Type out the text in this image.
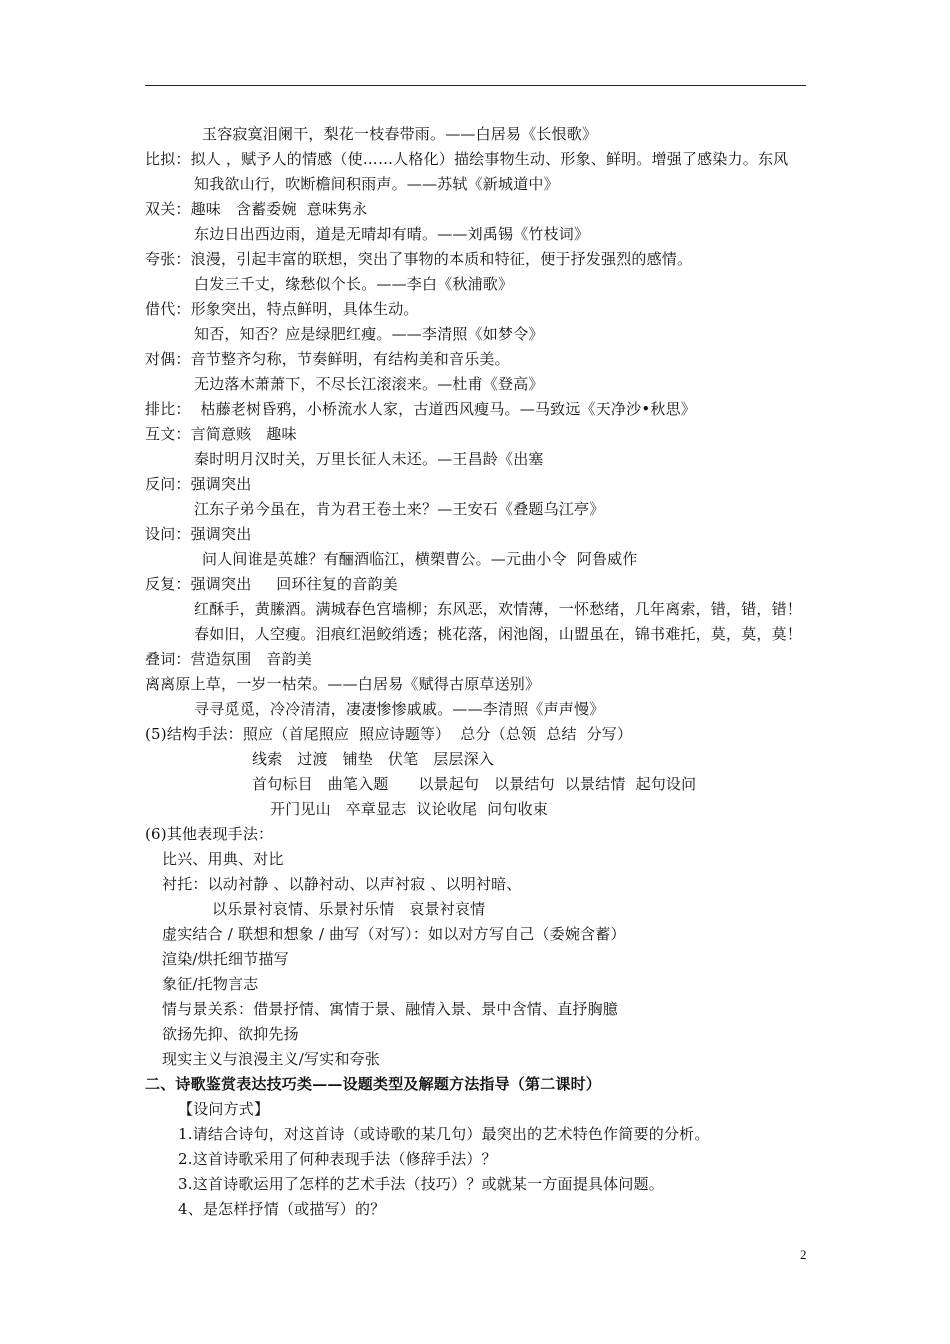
玉容寂寞泪阑干，梨花一枝春带雨。——白居易《长恨歌》
比拟：拟人 ，赋予人的情感（使……人格化）描绘事物生动、形象、鲜明。增强了感染力。东风
知我欲山行，吹断檐间积雨声。——苏轼《新城道中》
双关：趣味   含蓄委婉  意味隽永
东边日出西边雨，道是无晴却有晴。——刘禹锡《竹枝词》
夸张：浪漫，引起丰富的联想，突出了事物的本质和特征，便于抒发强烈的感情。
白发三千丈，缘愁似个长。——李白《秋浦歌》
借代：形象突出，特点鲜明，具体生动。
知否，知否？应是绿肥红瘦。——李清照《如梦令》
对偶：音节整齐匀称，节奏鲜明，有结构美和音乐美。
无边落木萧萧下，不尽长江滚滚来。—杜甫《登高》
排比：  枯藤老树昏鸦，小桥流水人家，古道西风瘦马。—马致远《天净沙•秋思》
互文：言简意赅   趣味
秦时明月汉时关，万里长征人未还。—王昌龄《出塞
反问：强调突出
江东子弟今虽在，肯为君王卷土来？—王安石《叠题乌江亭》
设问：强调突出
问人间谁是英雄？有酾酒临江，横槊曹公。—元曲小令  阿鲁威作
反复：强调突出     回环往复的音韵美
红酥手，黄縢酒。满城春色宫墙柳；东风恶，欢情薄，一怀愁绪，几年离索，错，错，错！
春如旧，人空瘦。泪痕红浥鲛绡透；桃花落，闲池阁，山盟虽在，锦书难托，莫，莫，莫！
叠词：营造氛围   音韵美
离离原上草，一岁一枯荣。——白居易《赋得古原草送别》
寻寻觅觅，冷冷清清，凄凄惨惨戚戚。——李清照《声声慢》
(5)结构手法：照应（首尾照应  照应诗题等）  总分（总领  总结  分写）
线索   过渡   铺垫   伏笔   层层深入
首句标目   曲笔入题      以景起句   以景结句  以景结情  起句设问
开门见山   卒章显志  议论收尾  问句收束
(6)其他表现手法：
比兴、用典、对比
衬托：以动衬静 、以静衬动、以声衬寂 、以明衬暗、
以乐景衬哀情、乐景衬乐情   哀景衬哀情
虚实结合 / 联想和想象 / 曲写（对写）：如以对方写自己（委婉含蓄）
渲染/烘托细节描写
象征/托物言志
情与景关系：借景抒情、寓情于景、融情入景、景中含情、直抒胸臆
欲扬先抑、欲抑先扬
现实主义与浪漫主义/写实和夸张
二、诗歌鉴赏表达技巧类——设题类型及解题方法指导（第二课时）
【设问方式】
1.请结合诗句，对这首诗（或诗歌的某几句）最突出的艺术特色作简要的分析。
2.这首诗歌采用了何种表现手法（修辞手法）？
3.这首诗歌运用了怎样的艺术手法（技巧）？或就某一方面提具体问题。
4、是怎样抒情（或描写）的？
2
